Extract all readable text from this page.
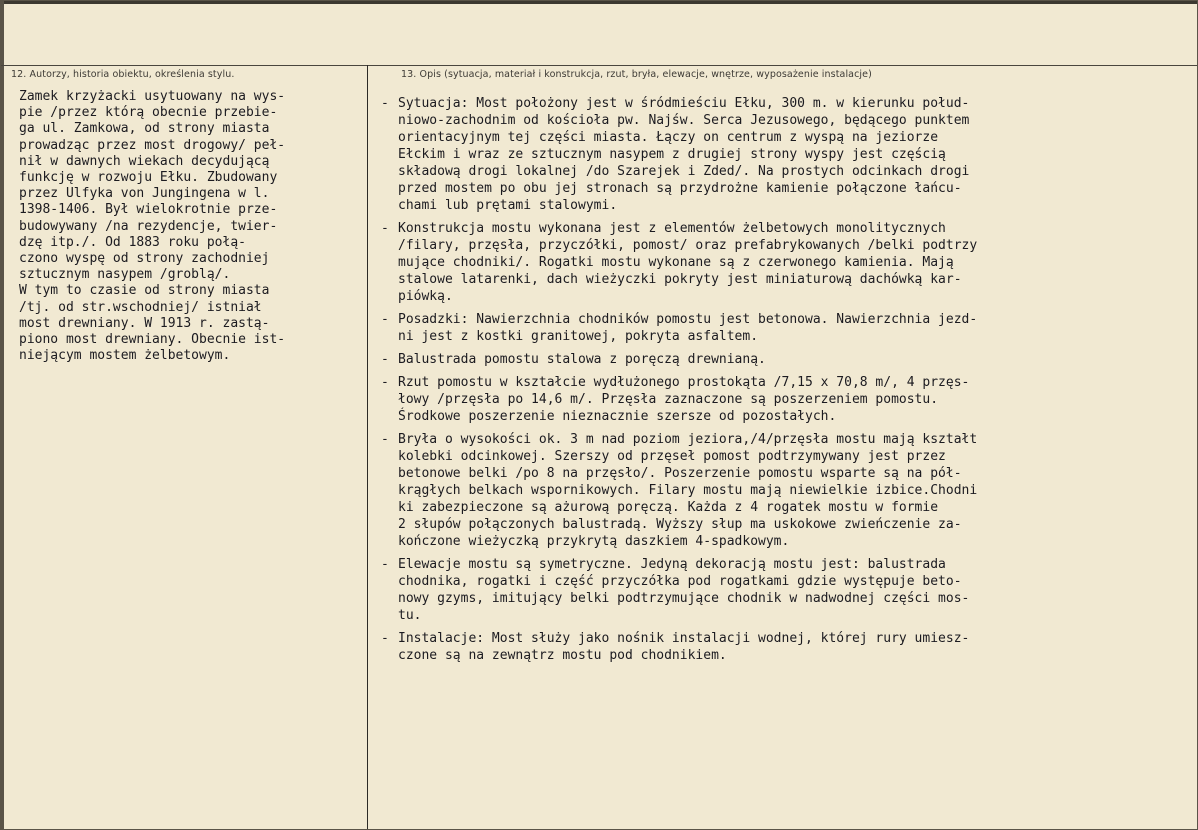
12. Autorzy, historia obiektu, określenia stylu.	13. Opis (sytuacja, materiał i konstrukcja, rzut, bryła, elewacje, wnętrze, wyposażenie instalacje)

Zamek krzyżacki usytuowany na wys-
pie /przez którą obecnie przebie-
ga ul. Zamkowa, od strony miasta
prowadząc przez most drogowy/ peł-
nił w dawnych wiekach decydującą
funkcję w rozwoju Ełku. Zbudowany
przez Ulfyka von Jungingena w l.
1398-1406. Był wielokrotnie prze-
budowywany /na rezydencje, twier-
dzę itp./. Od 1883 roku połą-
czono wyspę od strony zachodniej
sztucznym nasypem /groblą/.
W tym to czasie od strony miasta
/tj. od str.wschodniej/ istniał
most drewniany. W 1913 r. zastą-
piono most drewniany. Obecnie ist-
niejącym mostem żelbetowym.

- Sytuacja: Most położony jest w śródmieściu Ełku, 300 m. w kierunku połud-
niowo-zachodnim od kościoła pw. Najśw. Serca Jezusowego, będącego punktem
orientacyjnym tej części miasta. Łączy on centrum z wyspą na jeziorze
Ełckim i wraz ze sztucznym nasypem z drugiej strony wyspy jest częścią
składową drogi lokalnej /do Szarejek i Zded/. Na prostych odcinkach drogi
przed mostem po obu jej stronach są przydrożne kamienie połączone łańcu-
chami lub prętami stalowymi.

- Konstrukcja mostu wykonana jest z elementów żelbetowych monolitycznych
/filary, przęsła, przyczółki, pomost/ oraz prefabrykowanych /belki podtrzy
mujące chodniki/. Rogatki mostu wykonane są z czerwonego kamienia. Mają
stalowe latarenki, dach wieżyczki pokryty jest miniaturową dachówką kar-
piówką.

- Posadzki: Nawierzchnia chodników pomostu jest betonowa. Nawierzchnia jezd-
ni jest z kostki granitowej, pokryta asfaltem.

- Balustrada pomostu stalowa z poręczą drewnianą.

- Rzut pomostu w kształcie wydłużonego prostokąta /7,15 x 70,8 m/, 4 przęs-
łowy /przęsła po 14,6 m/. Przęsła zaznaczone są poszerzeniem pomostu.
Środkowe poszerzenie nieznacznie szersze od pozostałych.

- Bryła o wysokości ok. 3 m nad poziom jeziora,/4/przęsła mostu mają kształt
kolebki odcinkowej. Szerszy od przęseł pomost podtrzymywany jest przez
betonowe belki /po 8 na przęsło/. Poszerzenie pomostu wsparte są na pół-
krągłych belkach wspornikowych. Filary mostu mają niewielkie izbice.Chodni
ki zabezpieczone są ażurową poręczą. Każda z 4 rogatek mostu w formie
2 słupów połączonych balustradą. Wyższy słup ma uskokowe zwieńczenie za-
kończone wieżyczką przykrytą daszkiem 4-spadkowym.

- Elewacje mostu są symetryczne. Jedyną dekoracją mostu jest: balustrada
chodnika, rogatki i część przyczółka pod rogatkami gdzie występuje beto-
nowy gzyms, imitujący belki podtrzymujące chodnik w nadwodnej części mos-
tu.

- Instalacje: Most służy jako nośnik instalacji wodnej, której rury umiesz-
czone są na zewnątrz mostu pod chodnikiem.
